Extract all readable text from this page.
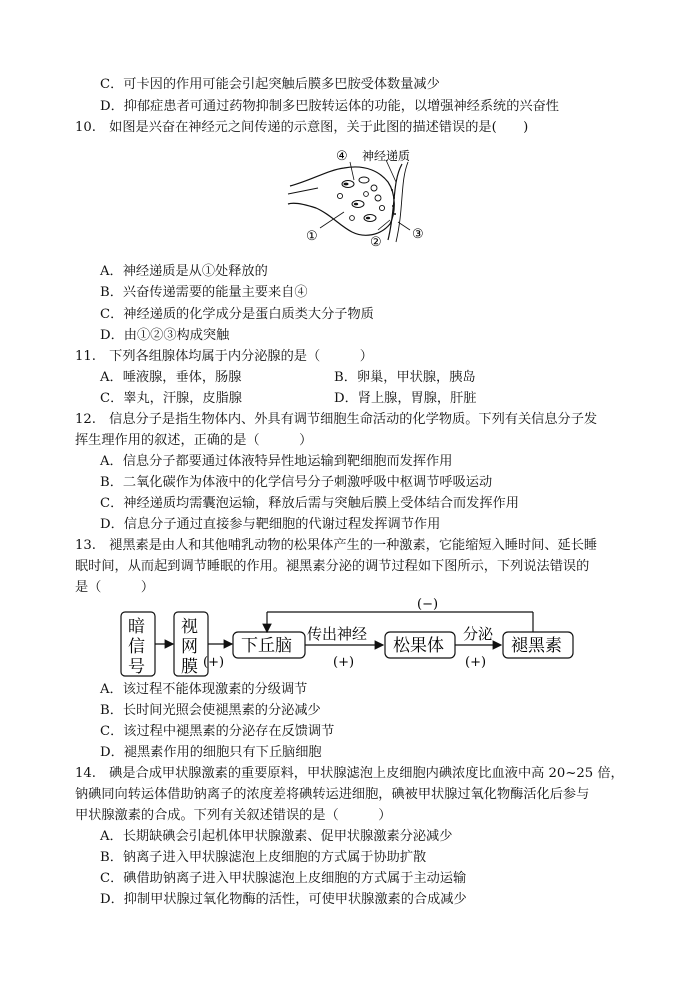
C．可卡因的作用可能会引起突触后膜多巴胺受体数量减少
D．抑郁症患者可通过药物抑制多巴胺转运体的功能，以增强神经系统的兴奋性
10.　如图是兴奋在神经元之间传递的示意图，关于此图的描述错误的是(　　)
④ 神经递质
①	②
③
A．神经递质是从①处释放的
B．兴奋传递需要的能量主要来自④
C．神经递质的化学成分是蛋白质类大分子物质
D．由①②③构成突触
11.　下列各组腺体均属于内分泌腺的是（　　　）
A．唾液腺，垂体，肠腺	B．卵巢，甲状腺，胰岛
C．睾丸，汗腺，皮脂腺	D．肾上腺，胃腺，肝脏
12.　信息分子是指生物体内、外具有调节细胞生命活动的化学物质。下列有关信息分子发
挥生理作用的叙述，正确的是（　　　）
A．信息分子都要通过体液特异性地运输到靶细胞而发挥作用
B．二氧化碳作为体液中的化学信号分子刺激呼吸中枢调节呼吸运动
C．神经递质均需囊泡运输，释放后需与突触后膜上受体结合而发挥作用
D．信息分子通过直接参与靶细胞的代谢过程发挥调节作用
13.　褪黑素是由人和其他哺乳动物的松果体产生的一种激素，它能缩短入睡时间、延长睡
眠时间，从而起到调节睡眠的作用。褪黑素分泌的调节过程如下图所示，下列说法错误的
是（　　　）
(−)
暗
信
号
视
网
膜 (+)
下丘脑
传出神经
(+)
松果体
分泌
(+)
褪黑素
A．该过程不能体现激素的分级调节
B．长时间光照会使褪黑素的分泌减少
C．该过程中褪黑素的分泌存在反馈调节
D．褪黑素作用的细胞只有下丘脑细胞
14.　碘是合成甲状腺激素的重要原料，甲状腺滤泡上皮细胞内碘浓度比血液中高 20~25 倍，
钠碘同向转运体借助钠离子的浓度差将碘转运进细胞，碘被甲状腺过氧化物酶活化后参与
甲状腺激素的合成。下列有关叙述错误的是（　　　）
A．长期缺碘会引起机体甲状腺激素、促甲状腺激素分泌减少
B．钠离子进入甲状腺滤泡上皮细胞的方式属于协助扩散
C．碘借助钠离子进入甲状腺滤泡上皮细胞的方式属于主动运输
D．抑制甲状腺过氧化物酶的活性，可使甲状腺激素的合成减少
